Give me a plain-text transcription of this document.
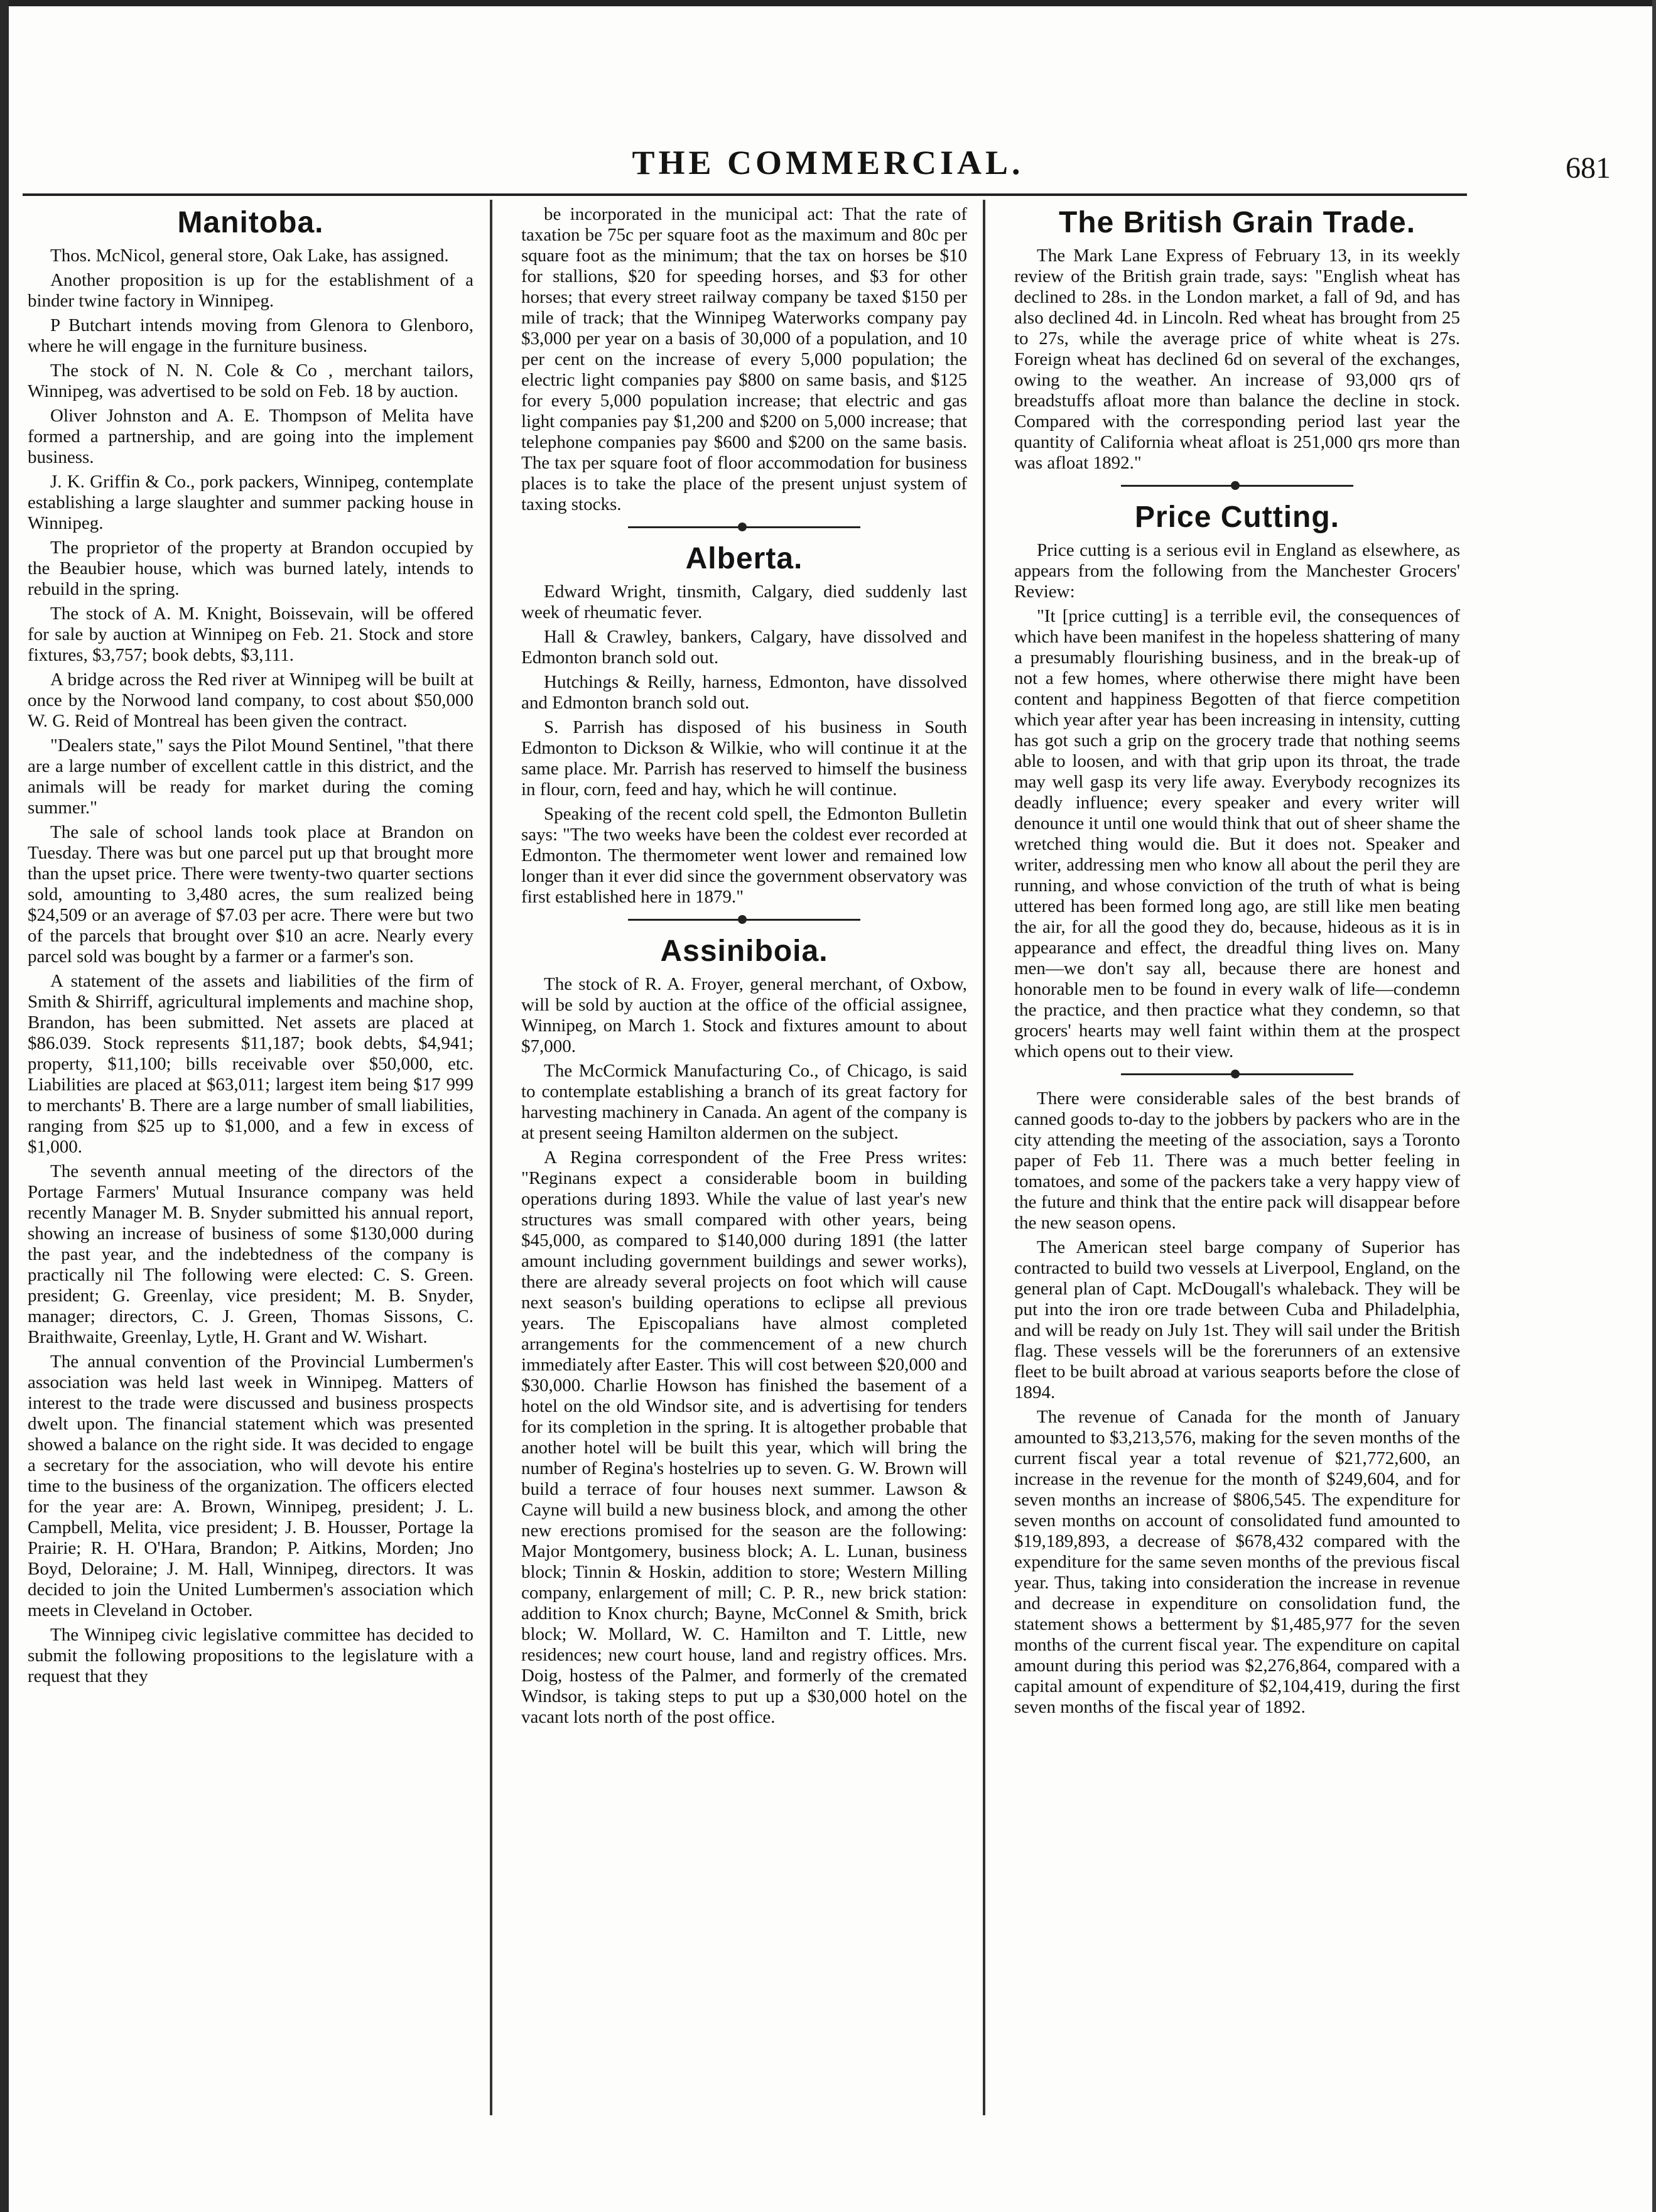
THE COMMERCIAL.	681
Manitoba.

Thos. McNicol, general store, Oak Lake, has assigned.

Another proposition is up for the establishment of a binder twine factory in Winnipeg.

P Butchart intends moving from Glenora to Glenboro, where he will engage in the furniture business.

The stock of N. N. Cole & Co , merchant tailors, Winnipeg, was advertised to be sold on Feb. 18 by auction.

Oliver Johnston and A. E. Thompson of Melita have formed a partnership, and are going into the implement business.

J. K. Griffin & Co., pork packers, Winnipeg, contemplate establishing a large slaughter and summer packing house in Winnipeg.

The proprietor of the property at Brandon occupied by the Beaubier house, which was burned lately, intends to rebuild in the spring.

The stock of A. M. Knight, Boissevain, will be offered for sale by auction at Winnipeg on Feb. 21. Stock and store fixtures, $3,757; book debts, $3,111.

A bridge across the Red river at Winnipeg will be built at once by the Norwood land company, to cost about $50,000 W. G. Reid of Montreal has been given the contract.

"Dealers state," says the Pilot Mound Sentinel, "that there are a large number of excellent cattle in this district, and the animals will be ready for market during the coming summer."

The sale of school lands took place at Brandon on Tuesday. There was but one parcel put up that brought more than the upset price. There were twenty-two quarter sections sold, amounting to 3,480 acres, the sum realized being $24,509 or an average of $7.03 per acre. There were but two of the parcels that brought over $10 an acre. Nearly every parcel sold was bought by a farmer or a farmer's son.

A statement of the assets and liabilities of the firm of Smith & Shirriff, agricultural implements and machine shop, Brandon, has been submitted. Net assets are placed at $86.039. Stock represents $11,187; book debts, $4,941; property, $11,100; bills receivable over $50,000, etc. Liabilities are placed at $63,011; largest item being $17 999 to merchants' B. There are a large number of small liabilities, ranging from $25 up to $1,000, and a few in excess of $1,000.

The seventh annual meeting of the directors of the Portage Farmers' Mutual Insurance company was held recently Manager M. B. Snyder submitted his annual report, showing an increase of business of some $130,000 during the past year, and the indebtedness of the company is practically nil The following were elected: C. S. Green. president; G. Greenlay, vice president; M. B. Snyder, manager; directors, C. J. Green, Thomas Sissons, C. Braithwaite, Greenlay, Lytle, H. Grant and W. Wishart.

The annual convention of the Provincial Lumbermen's association was held last week in Winnipeg. Matters of interest to the trade were discussed and business prospects dwelt upon. The financial statement which was presented showed a balance on the right side. It was decided to engage a secretary for the association, who will devote his entire time to the business of the organization. The officers elected for the year are: A. Brown, Winnipeg, president; J. L. Campbell, Melita, vice president; J. B. Housser, Portage la Prairie; R. H. O'Hara, Brandon; P. Aitkins, Morden; Jno Boyd, Deloraine; J. M. Hall, Winnipeg, directors. It was decided to join the United Lumbermen's association which meets in Cleveland in October.

The Winnipeg civic legislative committee has decided to submit the following propositions to the legislature with a request that they

be incorporated in the municipal act: That the rate of taxation be 75c per square foot as the maximum and 80c per square foot as the minimum; that the tax on horses be $10 for stallions, $20 for speeding horses, and $3 for other horses; that every street railway company be taxed $150 per mile of track; that the Winnipeg Waterworks company pay $3,000 per year on a basis of 30,000 of a population, and 10 per cent on the increase of every 5,000 population; the electric light companies pay $800 on same basis, and $125 for every 5,000 population increase; that electric and gas light companies pay $1,200 and $200 on 5,000 increase; that telephone companies pay $600 and $200 on the same basis. The tax per square foot of floor accommodation for business places is to take the place of the present unjust system of taxing stocks.

Alberta.

Edward Wright, tinsmith, Calgary, died suddenly last week of rheumatic fever.

Hall & Crawley, bankers, Calgary, have dissolved and Edmonton branch sold out.

Hutchings & Reilly, harness, Edmonton, have dissolved and Edmonton branch sold out.

S. Parrish has disposed of his business in South Edmonton to Dickson & Wilkie, who will continue it at the same place. Mr. Parrish has reserved to himself the business in flour, corn, feed and hay, which he will continue.

Speaking of the recent cold spell, the Edmonton Bulletin says: "The two weeks have been the coldest ever recorded at Edmonton. The thermometer went lower and remained low longer than it ever did since the government observatory was first established here in 1879."

Assiniboia.

The stock of R. A. Froyer, general merchant, of Oxbow, will be sold by auction at the office of the official assignee, Winnipeg, on March 1. Stock and fixtures amount to about $7,000.

The McCormick Manufacturing Co., of Chicago, is said to contemplate establishing a branch of its great factory for harvesting machinery in Canada. An agent of the company is at present seeing Hamilton aldermen on the subject.

A Regina correspondent of the Free Press writes: "Reginans expect a considerable boom in building operations during 1893. While the value of last year's new structures was small compared with other years, being $45,000, as compared to $140,000 during 1891 (the latter amount including government buildings and sewer works), there are already several projects on foot which will cause next season's building operations to eclipse all previous years. The Episcopalians have almost completed arrangements for the commencement of a new church immediately after Easter. This will cost between $20,000 and $30,000. Charlie Howson has finished the basement of a hotel on the old Windsor site, and is advertising for tenders for its completion in the spring. It is altogether probable that another hotel will be built this year, which will bring the number of Regina's hostelries up to seven. G. W. Brown will build a terrace of four houses next summer. Lawson & Cayne will build a new business block, and among the other new erections promised for the season are the following: Major Montgomery, business block; A. L. Lunan, business block; Tinnin & Hoskin, addition to store; Western Milling company, enlargement of mill; C. P. R., new brick station: addition to Knox church; Bayne, McConnel & Smith, brick block; W. Mollard, W. C. Hamilton and T. Little, new residences; new court house, land and registry offices. Mrs. Doig, hostess of the Palmer, and formerly of the cremated Windsor, is taking steps to put up a $30,000 hotel on the vacant lots north of the post office.

The British Grain Trade.

The Mark Lane Express of February 13, in its weekly review of the British grain trade, says: "English wheat has declined to 28s. in the London market, a fall of 9d, and has also declined 4d. in Lincoln. Red wheat has brought from 25 to 27s, while the average price of white wheat is 27s. Foreign wheat has declined 6d on several of the exchanges, owing to the weather. An increase of 93,000 qrs of breadstuffs afloat more than balance the decline in stock. Compared with the corresponding period last year the quantity of California wheat afloat is 251,000 qrs more than was afloat 1892."

Price Cutting.

Price cutting is a serious evil in England as elsewhere, as appears from the following from the Manchester Grocers' Review:

"It [price cutting] is a terrible evil, the consequences of which have been manifest in the hopeless shattering of many a presumably flourishing business, and in the break-up of not a few homes, where otherwise there might have been content and happiness Begotten of that fierce competition which year after year has been increasing in intensity, cutting has got such a grip on the grocery trade that nothing seems able to loosen, and with that grip upon its throat, the trade may well gasp its very life away. Everybody recognizes its deadly influence; every speaker and every writer will denounce it until one would think that out of sheer shame the wretched thing would die. But it does not. Speaker and writer, addressing men who know all about the peril they are running, and whose conviction of the truth of what is being uttered has been formed long ago, are still like men beating the air, for all the good they do, because, hideous as it is in appearance and effect, the dreadful thing lives on. Many men—we don't say all, because there are honest and honorable men to be found in every walk of life—condemn the practice, and then practice what they condemn, so that grocers' hearts may well faint within them at the prospect which opens out to their view.

There were considerable sales of the best brands of canned goods to-day to the jobbers by packers who are in the city attending the meeting of the association, says a Toronto paper of Feb 11. There was a much better feeling in tomatoes, and some of the packers take a very happy view of the future and think that the entire pack will disappear before the new season opens.

The American steel barge company of Superior has contracted to build two vessels at Liverpool, England, on the general plan of Capt. McDougall's whaleback. They will be put into the iron ore trade between Cuba and Philadelphia, and will be ready on July 1st. They will sail under the British flag. These vessels will be the forerunners of an extensive fleet to be built abroad at various seaports before the close of 1894.

The revenue of Canada for the month of January amounted to $3,213,576, making for the seven months of the current fiscal year a total revenue of $21,772,600, an increase in the revenue for the month of $249,604, and for seven months an increase of $806,545. The expenditure for seven months on account of consolidated fund amounted to $19,189,893, a decrease of $678,432 compared with the expenditure for the same seven months of the previous fiscal year. Thus, taking into consideration the increase in revenue and decrease in expenditure on consolidation fund, the statement shows a betterment by $1,485,977 for the seven months of the current fiscal year. The expenditure on capital amount during this period was $2,276,864, compared with a capital amount of expenditure of $2,104,419, during the first seven months of the fiscal year of 1892.
